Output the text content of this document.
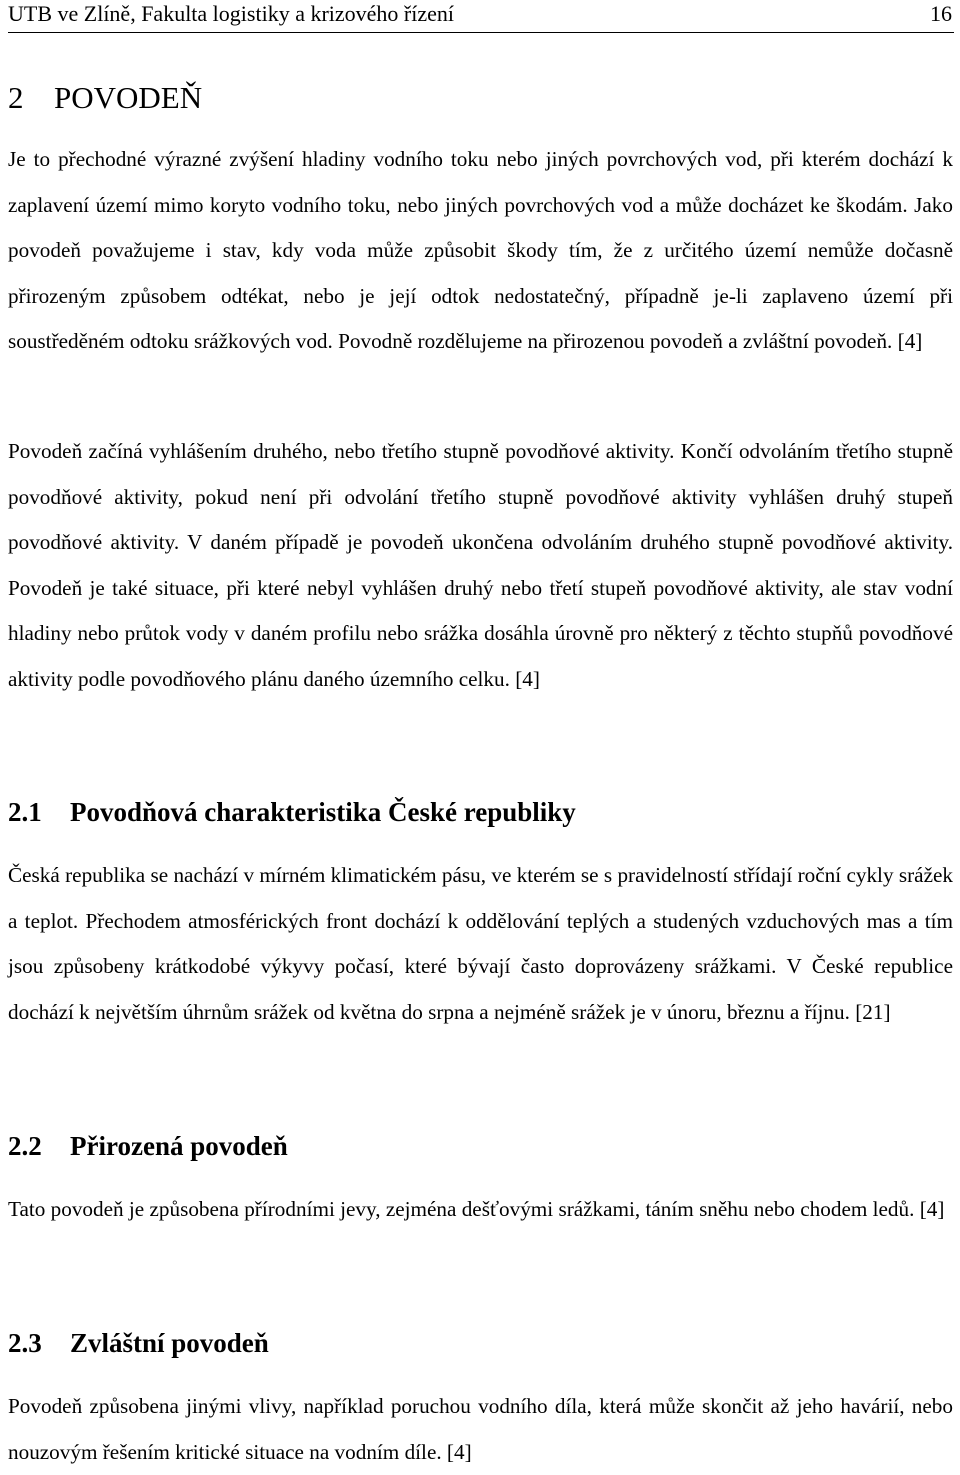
UTB ve Zlíně, Fakulta logistiky a krizového řízení	16
2 POVODEŇ

Je to přechodné výrazné zvýšení hladiny vodního toku nebo jiných povrchových vod, při kterém dochází k zaplavení území mimo koryto vodního toku, nebo jiných povrchových vod a může docházet ke škodám. Jako povodeň považujeme i stav, kdy voda může způsobit škody tím, že z určitého území nemůže dočasně přirozeným způsobem odtékat, nebo je její odtok nedostatečný, případně je-li zaplaveno území při soustředěném odtoku srážkových vod. Povodně rozdělujeme na přirozenou povodeň a zvláštní povodeň. [4]

Povodeň začíná vyhlášením druhého, nebo třetího stupně povodňové aktivity. Končí odvoláním třetího stupně povodňové aktivity, pokud není při odvolání třetího stupně povodňové aktivity vyhlášen druhý stupeň povodňové aktivity. V daném případě je povodeň ukončena odvoláním druhého stupně povodňové aktivity. Povodeň je také situace, při které nebyl vyhlášen druhý nebo třetí stupeň povodňové aktivity, ale stav vodní hladiny nebo průtok vody v daném profilu nebo srážka dosáhla úrovně pro některý z těchto stupňů povodňové aktivity podle povodňového plánu daného územního celku. [4]

2.1 Povodňová charakteristika České republiky

Česká republika se nachází v mírném klimatickém pásu, ve kterém se s pravidelností střídají roční cykly srážek a teplot. Přechodem atmosférických front dochází k oddělování teplých a studených vzduchových mas a tím jsou způsobeny krátkodobé výkyvy počasí, které bývají často doprovázeny srážkami. V České republice dochází k největším úhrnům srážek od května do srpna a nejméně srážek je v únoru, březnu a říjnu. [21]

2.2 Přirozená povodeň

Tato povodeň je způsobena přírodními jevy, zejména dešťovými srážkami, táním sněhu nebo chodem ledů. [4]

2.3 Zvláštní povodeň

Povodeň způsobena jinými vlivy, například poruchou vodního díla, která může skončit až jeho havárií, nebo nouzovým řešením kritické situace na vodním díle. [4]
